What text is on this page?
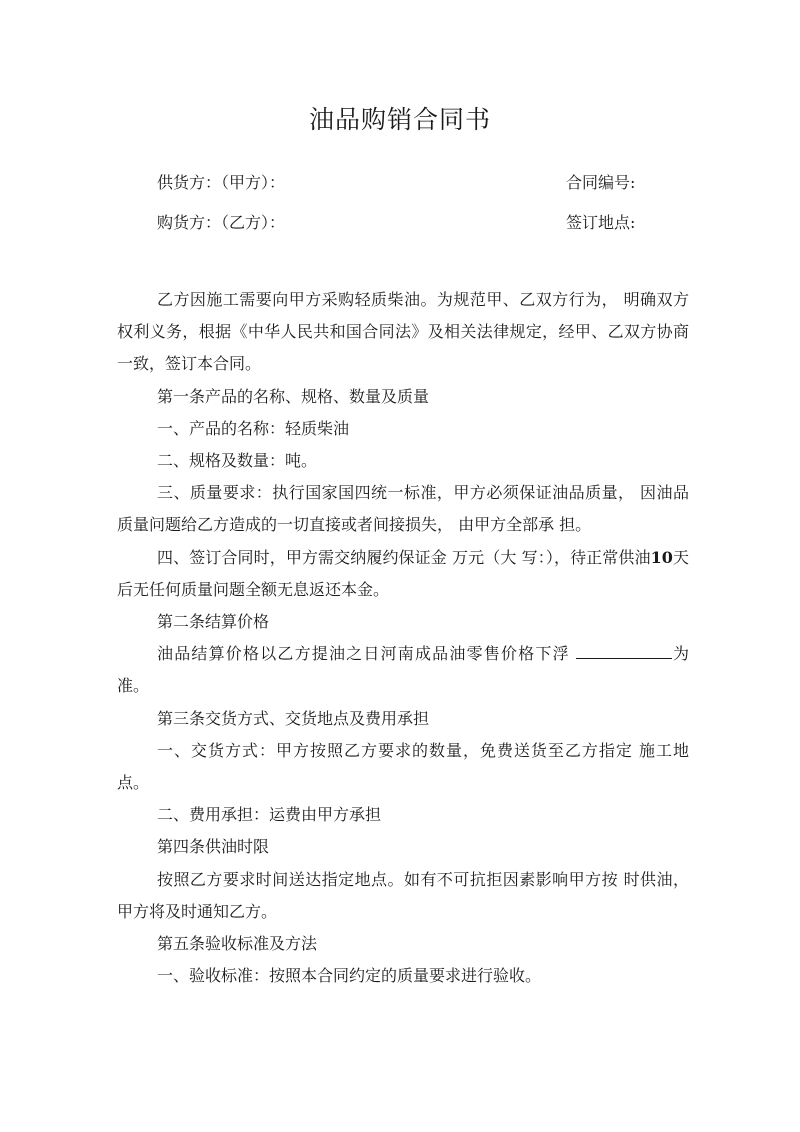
油品购销合同书
供货方：（甲方）：	合同编号:
购货方：（乙方）：	签订地点:

乙方因施工需要向甲方采购轻质柴油。为规范甲、乙双方行为， 明确双方权利义务，根据《中华人民共和国合同法》及相关法律规定，经甲、乙双方协商一致，签订本合同。

第一条产品的名称、规格、数量及质量

一、产品的名称：轻质柴油

二、规格及数量：吨。

三、质量要求：执行国家国四统一标准，甲方必须保证油品质量， 因油品质量问题给乙方造成的一切直接或者间接损失， 由甲方全部承 担。

四、签订合同时，甲方需交纳履约保证金 万元（大 写：），待正常供油10天后无任何质量问题全额无息返还本金。

第二条结算价格

油品结算价格以乙方提油之日河南成品油零售价格下浮	为准。

第三条交货方式、交货地点及费用承担

一、交货方式：甲方按照乙方要求的数量，免费送货至乙方指定 施工地点。

二、费用承担：运费由甲方承担

第四条供油时限

按照乙方要求时间送达指定地点。如有不可抗拒因素影响甲方按 时供油，甲方将及时通知乙方。

第五条验收标准及方法

一、验收标准：按照本合同约定的质量要求进行验收。
